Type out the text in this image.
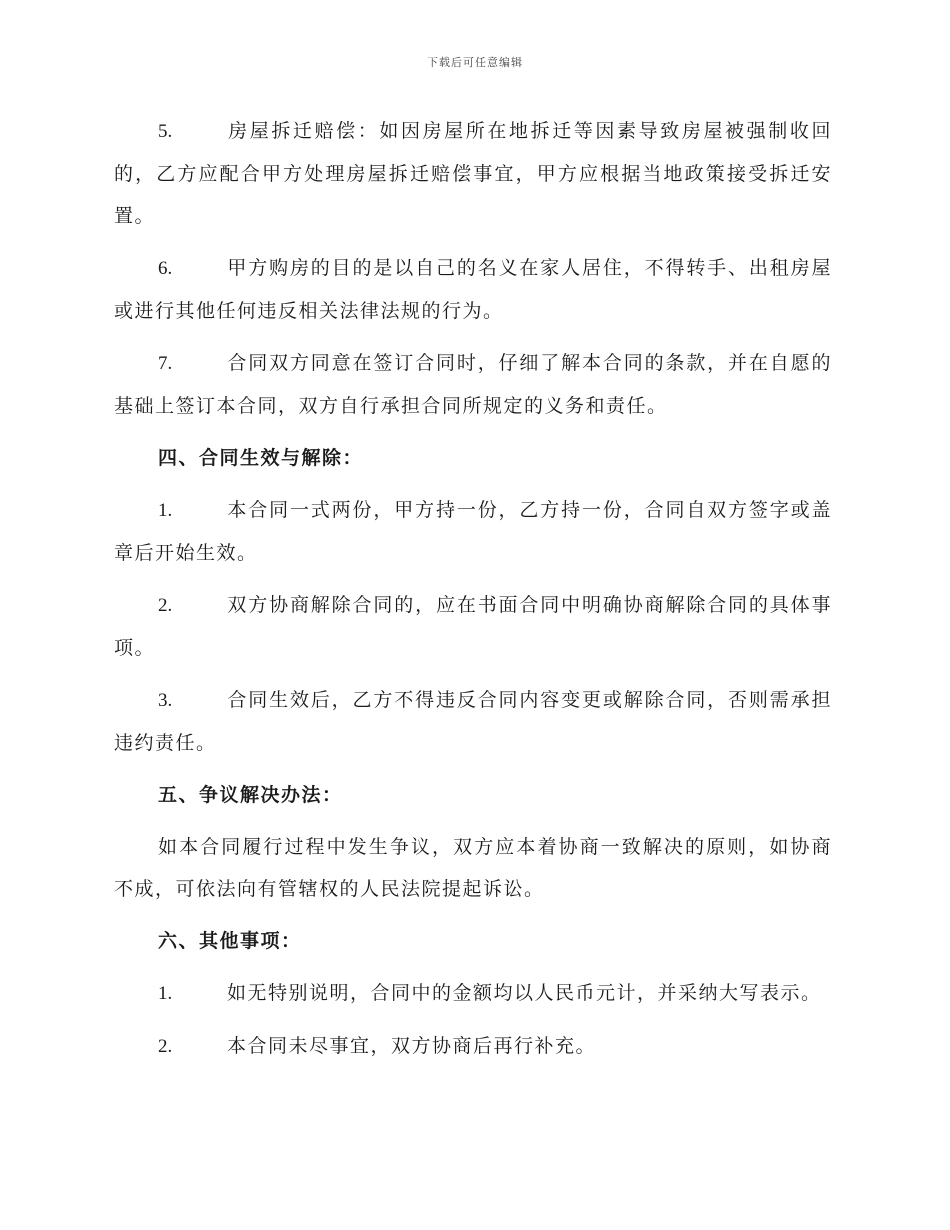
下载后可任意编辑

5.	房屋拆迁赔偿：如因房屋所在地拆迁等因素导致房屋被强制收回的，乙方应配合甲方处理房屋拆迁赔偿事宜，甲方应根据当地政策接受拆迁安置。

6.	甲方购房的目的是以自己的名义在家人居住，不得转手、出租房屋或进行其他任何违反相关法律法规的行为。

7.	合同双方同意在签订合同时，仔细了解本合同的条款，并在自愿的基础上签订本合同，双方自行承担合同所规定的义务和责任。

四、合同生效与解除：

1.	本合同一式两份，甲方持一份，乙方持一份，合同自双方签字或盖章后开始生效。

2.	双方协商解除合同的，应在书面合同中明确协商解除合同的具体事项。

3.	合同生效后，乙方不得违反合同内容变更或解除合同，否则需承担违约责任。

五、争议解决办法：

如本合同履行过程中发生争议，双方应本着协商一致解决的原则，如协商不成，可依法向有管辖权的人民法院提起诉讼。

六、其他事项：

1.	如无特别说明，合同中的金额均以人民币元计，并采纳大写表示。

2.	本合同未尽事宜，双方协商后再行补充。
